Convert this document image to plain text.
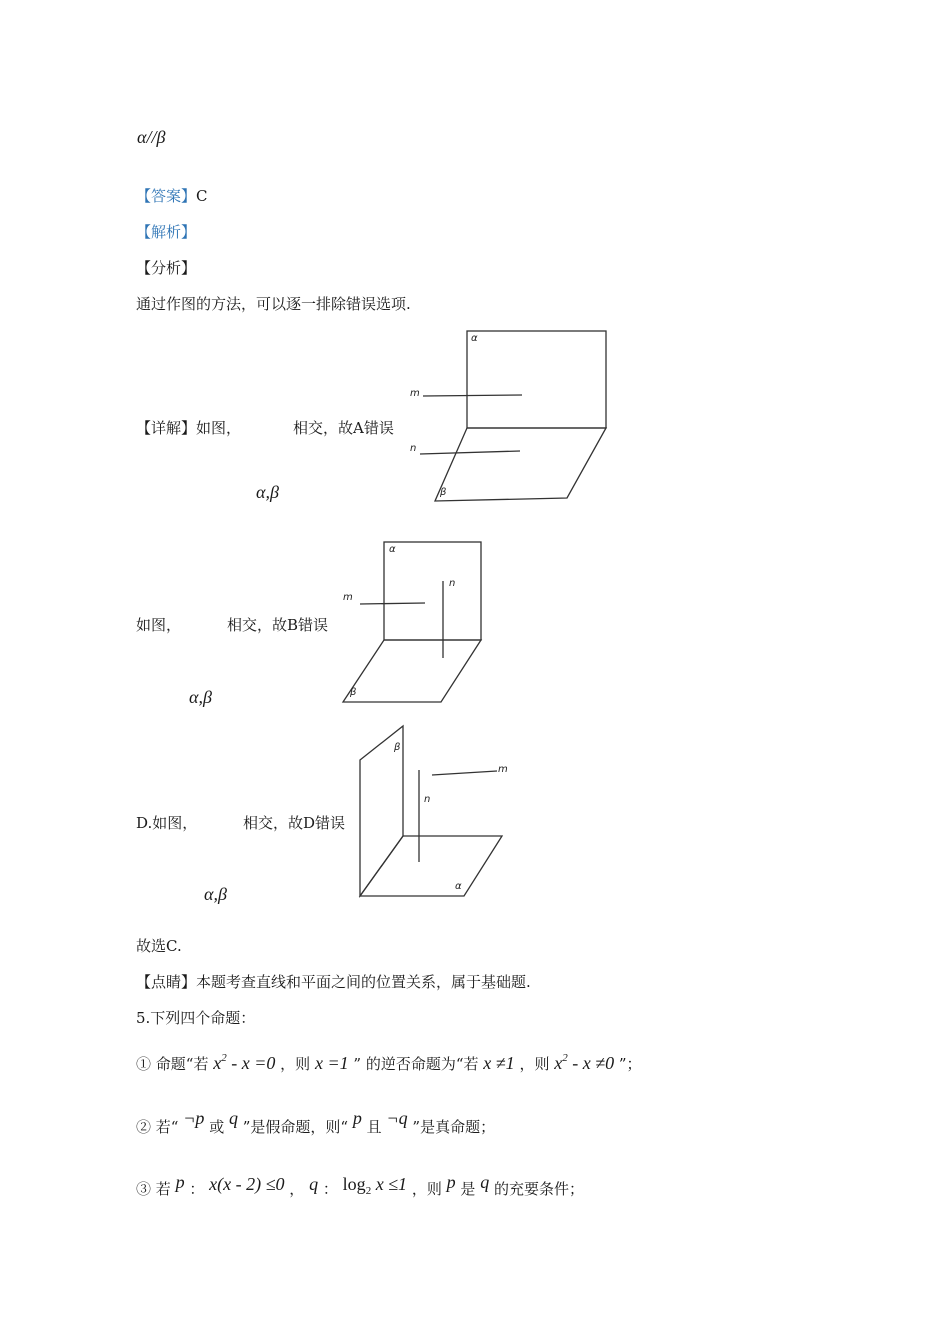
α//β
【答案】C
【解析】
【分析】
通过作图的方法，可以逐一排除错误选项.
【详解】如图，	相交，故A错误
α,β
α
m
n
β
如图，	相交，故B错误
α,β
α
m
n
β
D.如图，	相交，故D错误
α,β
β
m
n
α
故选C.
【点睛】本题考查直线和平面之间的位置关系，属于基础题.
5.下列四个命题：
① 命题“若 $x^2 - x =0$ ，则 x =1 ” 的逆否命题为“若 x ≠1 ，则 $x^2 - x \ne 0$ ”；
② 若“ ¬p 或 q ”是假命题，则“ p 且 ¬q ”是真命题；
③ 若 p ： x(x - 2) ≤0 ， q ： $\log_2 x \le 1$ ，则 p 是 q 的充要条件；
